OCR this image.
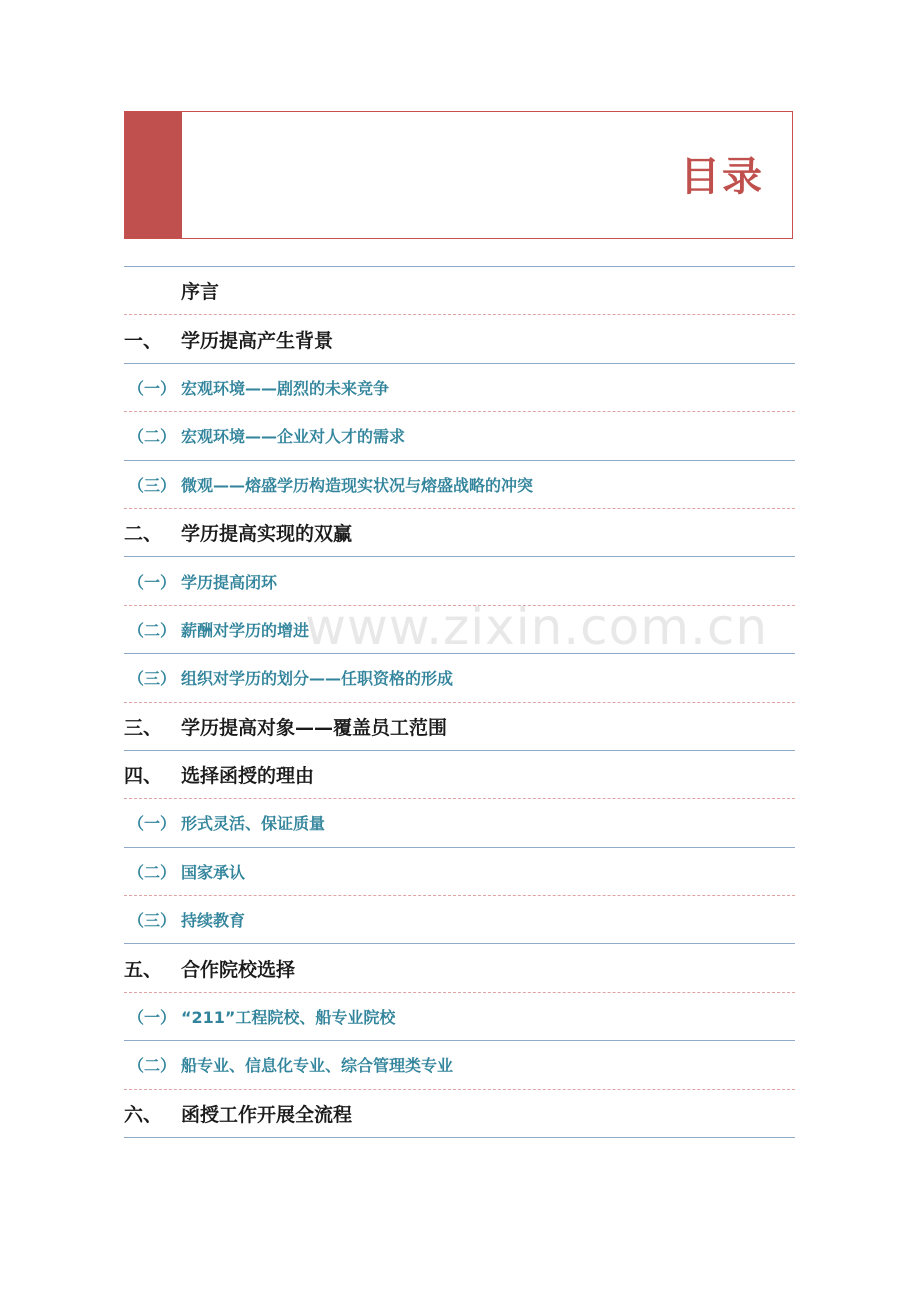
目录
序言
一、 学历提高产生背景
（一） 宏观环境——剧烈的未来竞争
（二） 宏观环境——企业对人才的需求
（三） 微观——熔盛学历构造现实状况与熔盛战略的冲突
二、 学历提高实现的双赢
（一） 学历提高闭环
（二） 薪酬对学历的增进
（三） 组织对学历的划分——任职资格的形成
三、 学历提高对象——覆盖员工范围
四、 选择函授的理由
（一） 形式灵活、保证质量
（二） 国家承认
（三） 持续教育
五、 合作院校选择
（一） “211”工程院校、船专业院校
（二） 船专业、信息化专业、综合管理类专业
六、 函授工作开展全流程
www.zixin.com.cn
